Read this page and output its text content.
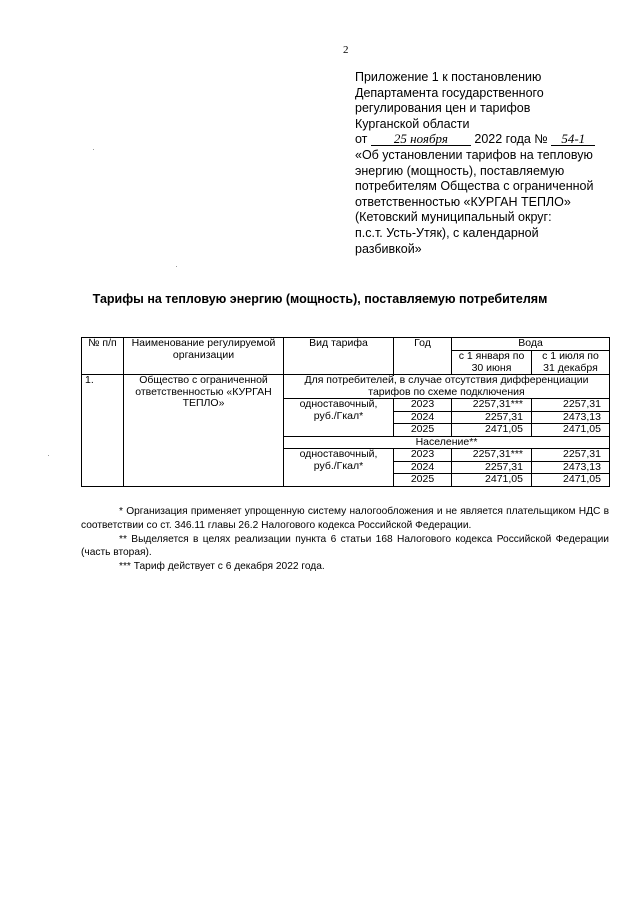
2
Приложение 1 к постановлению
Департамента государственного
регулирования цен и тарифов
Курганской области
от 25 ноября 2022 года № 54-1
«Об установлении тарифов на тепловую
энергию (мощность), поставляемую
потребителям Общества с ограниченной
ответственностью «КУРГАН ТЕПЛО»
(Кетовский муниципальный округ:
п.с.т. Усть-Утяк), с календарной
разбивкой»
Тарифы на тепловую энергию (мощность), поставляемую потребителям
№ п/п	Наименование регулируемой организации	Вид тарифа	Год	Вода	
				с 1 января по 30 июня	с 1 июля по 31 декабря

1.	Общество с ограниченной ответственностью «КУРГАН ТЕПЛО»	Для потребителей, в случае отсутствия дифференциации тарифов по схеме подключения			
		одноставочный, руб./Гкал*	2023	2257,31***	2257,31
			2024	2257,31	2473,13
			2025	2471,05	2471,05
		Население**			
		одноставочный, руб./Гкал*	2023	2257,31***	2257,31
			2024	2257,31	2473,13
			2025	2471,05	2471,05

* Организация применяет упрощенную систему налогообложения и не является плательщиком НДС в соответствии со ст. 346.11 главы 26.2 Налогового кодекса Российской Федерации.

** Выделяется в целях реализации пункта 6 статьи 168 Налогового кодекса Российской Федерации (часть вторая).

*** Тариф действует с 6 декабря 2022 года.
